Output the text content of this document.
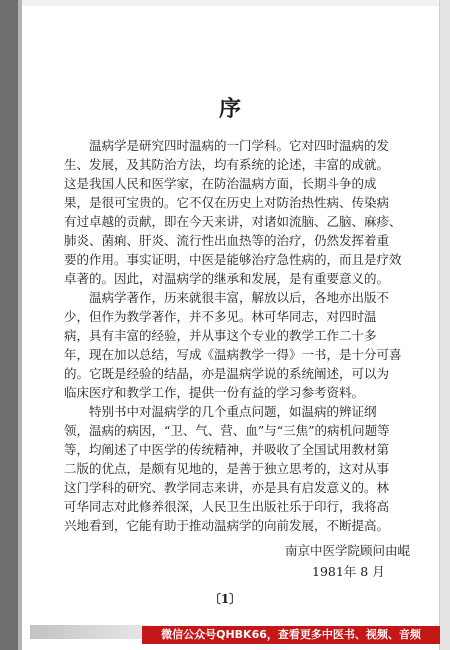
序

温病学是研究四时温病的一门学科。它对四时温病的发
生、发展，及其防治方法，均有系统的论述，丰富的成就。
这是我国人民和医学家，在防治温病方面，长期斗争的成
果，是很可宝贵的。它不仅在历史上对防治热性病、传染病
有过卓越的贡献，即在今天来讲，对诸如流脑、乙脑、麻疹、
肺炎、菌痢、肝炎、流行性出血热等的治疗，仍然发挥着重
要的作用。事实证明，中医是能够治疗急性病的，而且是疗效
卓著的。因此，对温病学的继承和发展，是有重要意义的。

温病学著作，历来就很丰富，解放以后，各地亦出版不
少，但作为教学著作，并不多见。林可华同志，对四时温
病，具有丰富的经验，并从事这个专业的教学工作二十多
年，现在加以总结，写成《温病教学一得》一书，是十分可喜
的。它既是经验的结晶，亦是温病学说的系统阐述，可以为
临床医疗和教学工作，提供一份有益的学习参考资料。

特别书中对温病学的几个重点问题，如温病的辨证纲
领，温病的病因，“卫、气、营、血”与“三焦”的病机问题等
等，均阐述了中医学的传统精神，并吸收了全国试用教材第
二版的优点，是颇有见地的，是善于独立思考的，这对从事
这门学科的研究、教学同志来讲，亦是具有启发意义的。林
可华同志对此修养很深，人民卫生出版社乐于印行，我将高
兴地看到，它能有助于推动温病学的向前发展，不断提高。

南京中医学院顾问由崐
1981年 8 月
〔1〕
微信公众号QHBK66，查看更多中医书、视频、音频
